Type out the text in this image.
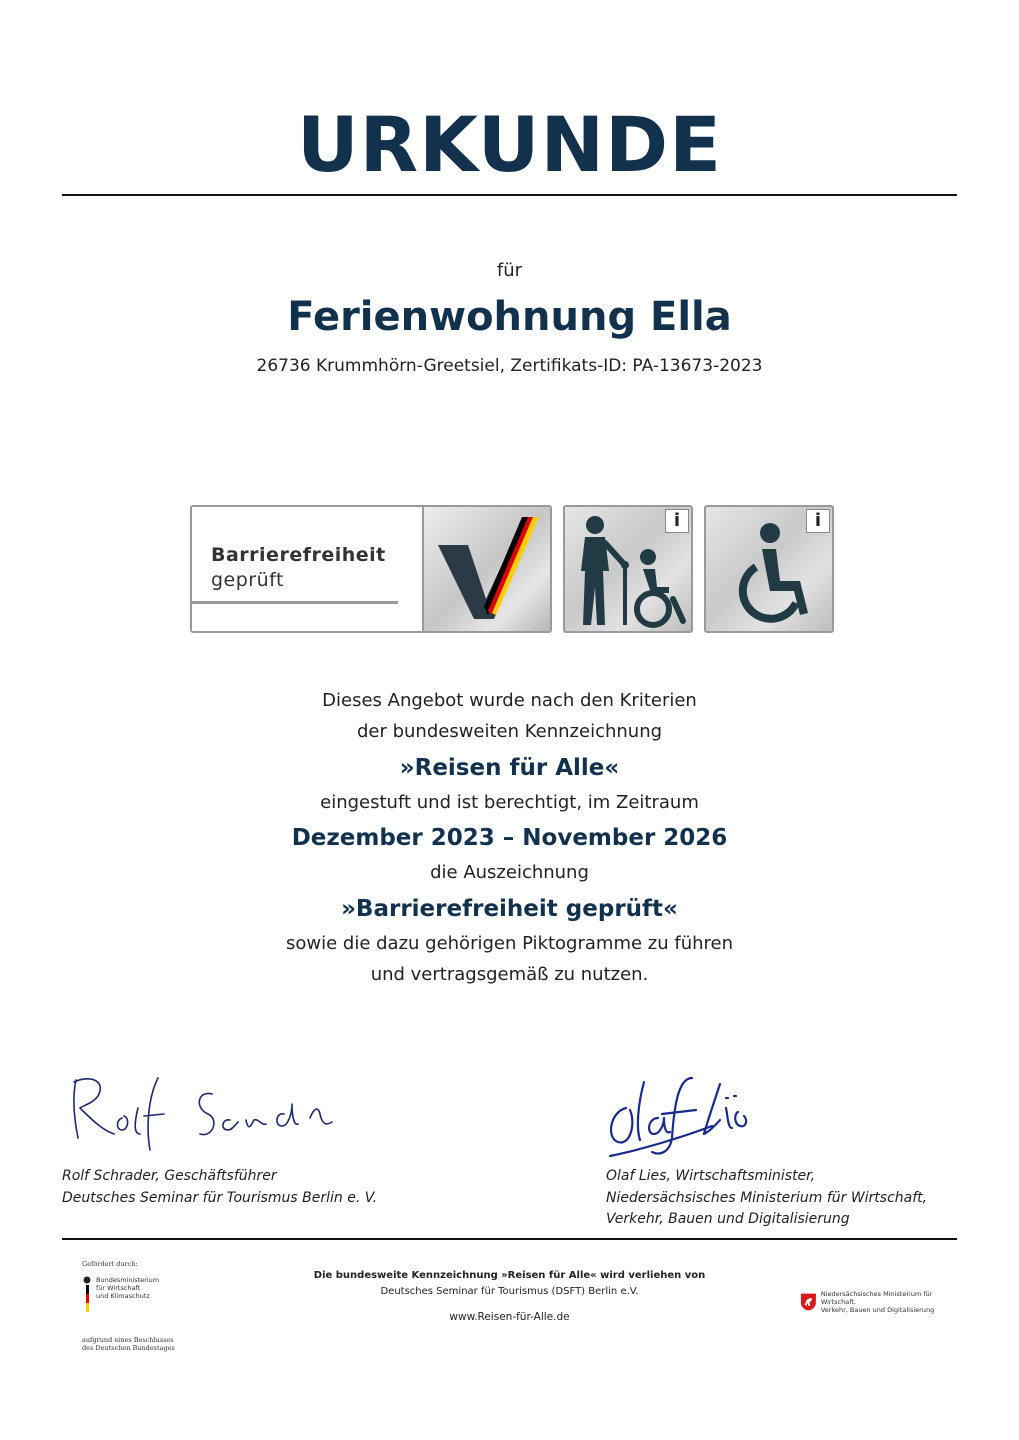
URKUNDE
für
Ferienwohnung Ella
26736 Krummhörn-Greetsiel, Zertifikats-ID: PA-13673-2023
Barrierefreiheit
geprüft
i	i
Dieses Angebot wurde nach den Kriterien
der bundesweiten Kennzeichnung
»Reisen für Alle«
eingestuft und ist berechtigt, im Zeitraum
Dezember 2023 – November 2026
die Auszeichnung
»Barrierefreiheit geprüft«
sowie die dazu gehörigen Piktogramme zu führen
und vertragsgemäß zu nutzen.
Rolf Schrader, Geschäftsführer
Deutsches Seminar für Tourismus Berlin e. V.
Olaf Lies, Wirtschaftsminister,
Niedersächsisches Ministerium für Wirtschaft,
Verkehr, Bauen und Digitalisierung
Gefördert durch:
Bundesministerium
für Wirtschaft
und Klimaschutz
aufgrund eines Beschlusses
des Deutschen Bundestages
Die bundesweite Kennzeichnung »Reisen für Alle« wird verliehen von
Deutsches Seminar für Tourismus (DSFT) Berlin e.V.
www.Reisen-für-Alle.de
Niedersächsisches Ministerium für Wirtschaft,
Verkehr, Bauen und Digitalisierung
